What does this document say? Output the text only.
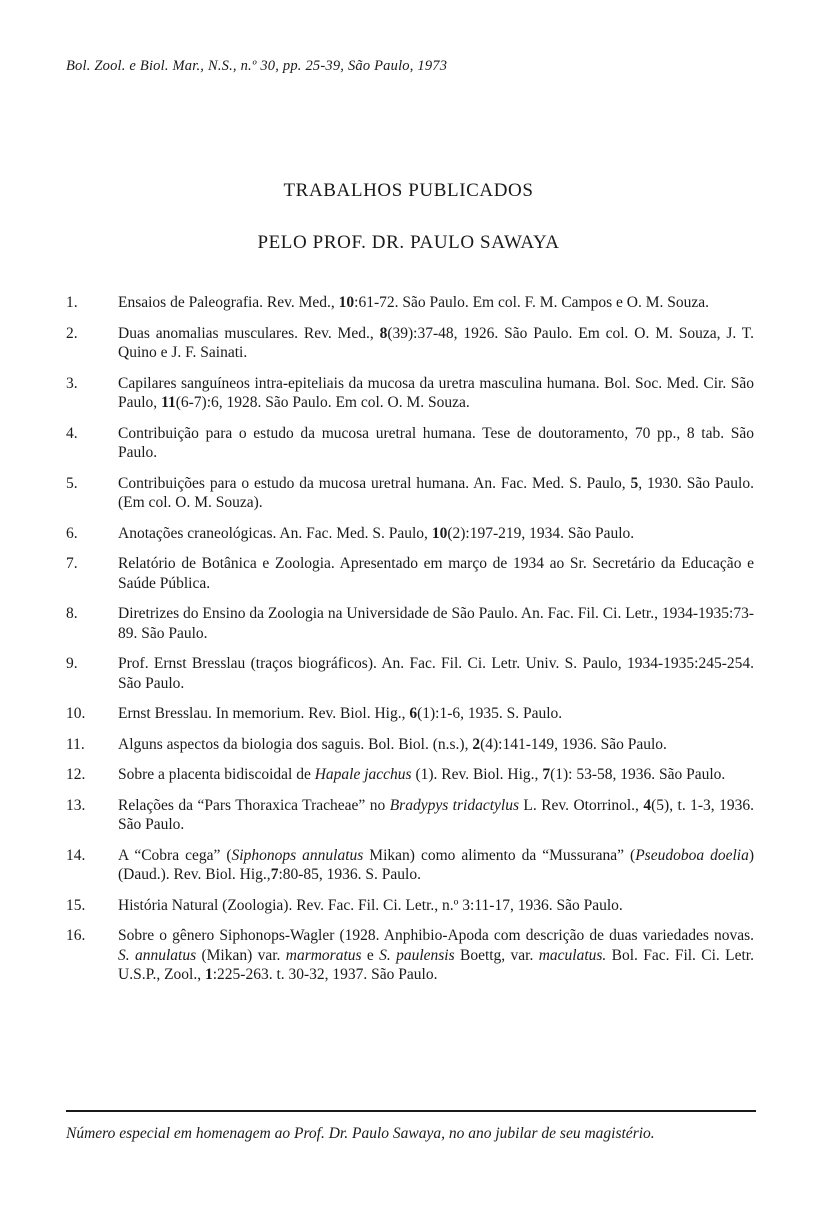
Bol. Zool. e Biol. Mar., N.S., n.º 30, pp. 25-39, São Paulo, 1973
TRABALHOS PUBLICADOS
PELO PROF. DR. PAULO SAWAYA
1.	Ensaios de Paleografia. Rev. Med., 10:61-72. São Paulo. Em col. F. M. Campos e O. M. Souza.
2.	Duas anomalias musculares. Rev. Med., 8(39):37-48, 1926. São Paulo. Em col. O. M. Souza, J. T. Quino e J. F. Sainati.
3.	Capilares sanguíneos intra-epiteliais da mucosa da uretra masculina humana. Bol. Soc. Med. Cir. São Paulo, 11(6-7):6, 1928. São Paulo. Em col. O. M. Souza.
4.	Contribuição para o estudo da mucosa uretral humana. Tese de doutoramento, 70 pp., 8 tab. São Paulo.
5.	Contribuições para o estudo da mucosa uretral humana. An. Fac. Med. S. Paulo, 5, 1930. São Paulo. (Em col. O. M. Souza).
6.	Anotações craneológicas. An. Fac. Med. S. Paulo, 10(2):197-219, 1934. São Paulo.
7.	Relatório de Botânica e Zoologia. Apresentado em março de 1934 ao Sr. Secretário da Educação e Saúde Pública.
8.	Diretrizes do Ensino da Zoologia na Universidade de São Paulo. An. Fac. Fil. Ci. Letr., 1934-1935:73-89. São Paulo.
9.	Prof. Ernst Bresslau (traços biográficos). An. Fac. Fil. Ci. Letr. Univ. S. Paulo, 1934-1935:245-254. São Paulo.
10.	Ernst Bresslau. In memorium. Rev. Biol. Hig., 6(1):1-6, 1935. S. Paulo.
11.	Alguns aspectos da biologia dos saguis. Bol. Biol. (n.s.), 2(4):141-149, 1936. São Paulo.
12.	Sobre a placenta bidiscoidal de Hapale jacchus (1). Rev. Biol. Hig., 7(1): 53-58, 1936. São Paulo.
13.	Relações da “Pars Thoraxica Tracheae” no Bradypys tridactylus L. Rev. Otorrinol., 4(5), t. 1-3, 1936. São Paulo.
14.	A “Cobra cega” (Siphonops annulatus Mikan) como alimento da “Mussurana” (Pseudoboa doelia) (Daud.). Rev. Biol. Hig.,7:80-85, 1936. S. Paulo.
15.	História Natural (Zoologia). Rev. Fac. Fil. Ci. Letr., n.º 3:11-17, 1936. São Paulo.
16.	Sobre o gênero Siphonops-Wagler (1928. Anphibio-Apoda com descrição de duas variedades novas. S. annulatus (Mikan) var. marmoratus e S. paulensis Boettg, var. maculatus. Bol. Fac. Fil. Ci. Letr. U.S.P., Zool., 1:225-263. t. 30-32, 1937. São Paulo.
Número especial em homenagem ao Prof. Dr. Paulo Sawaya, no ano jubilar de seu magistério.
